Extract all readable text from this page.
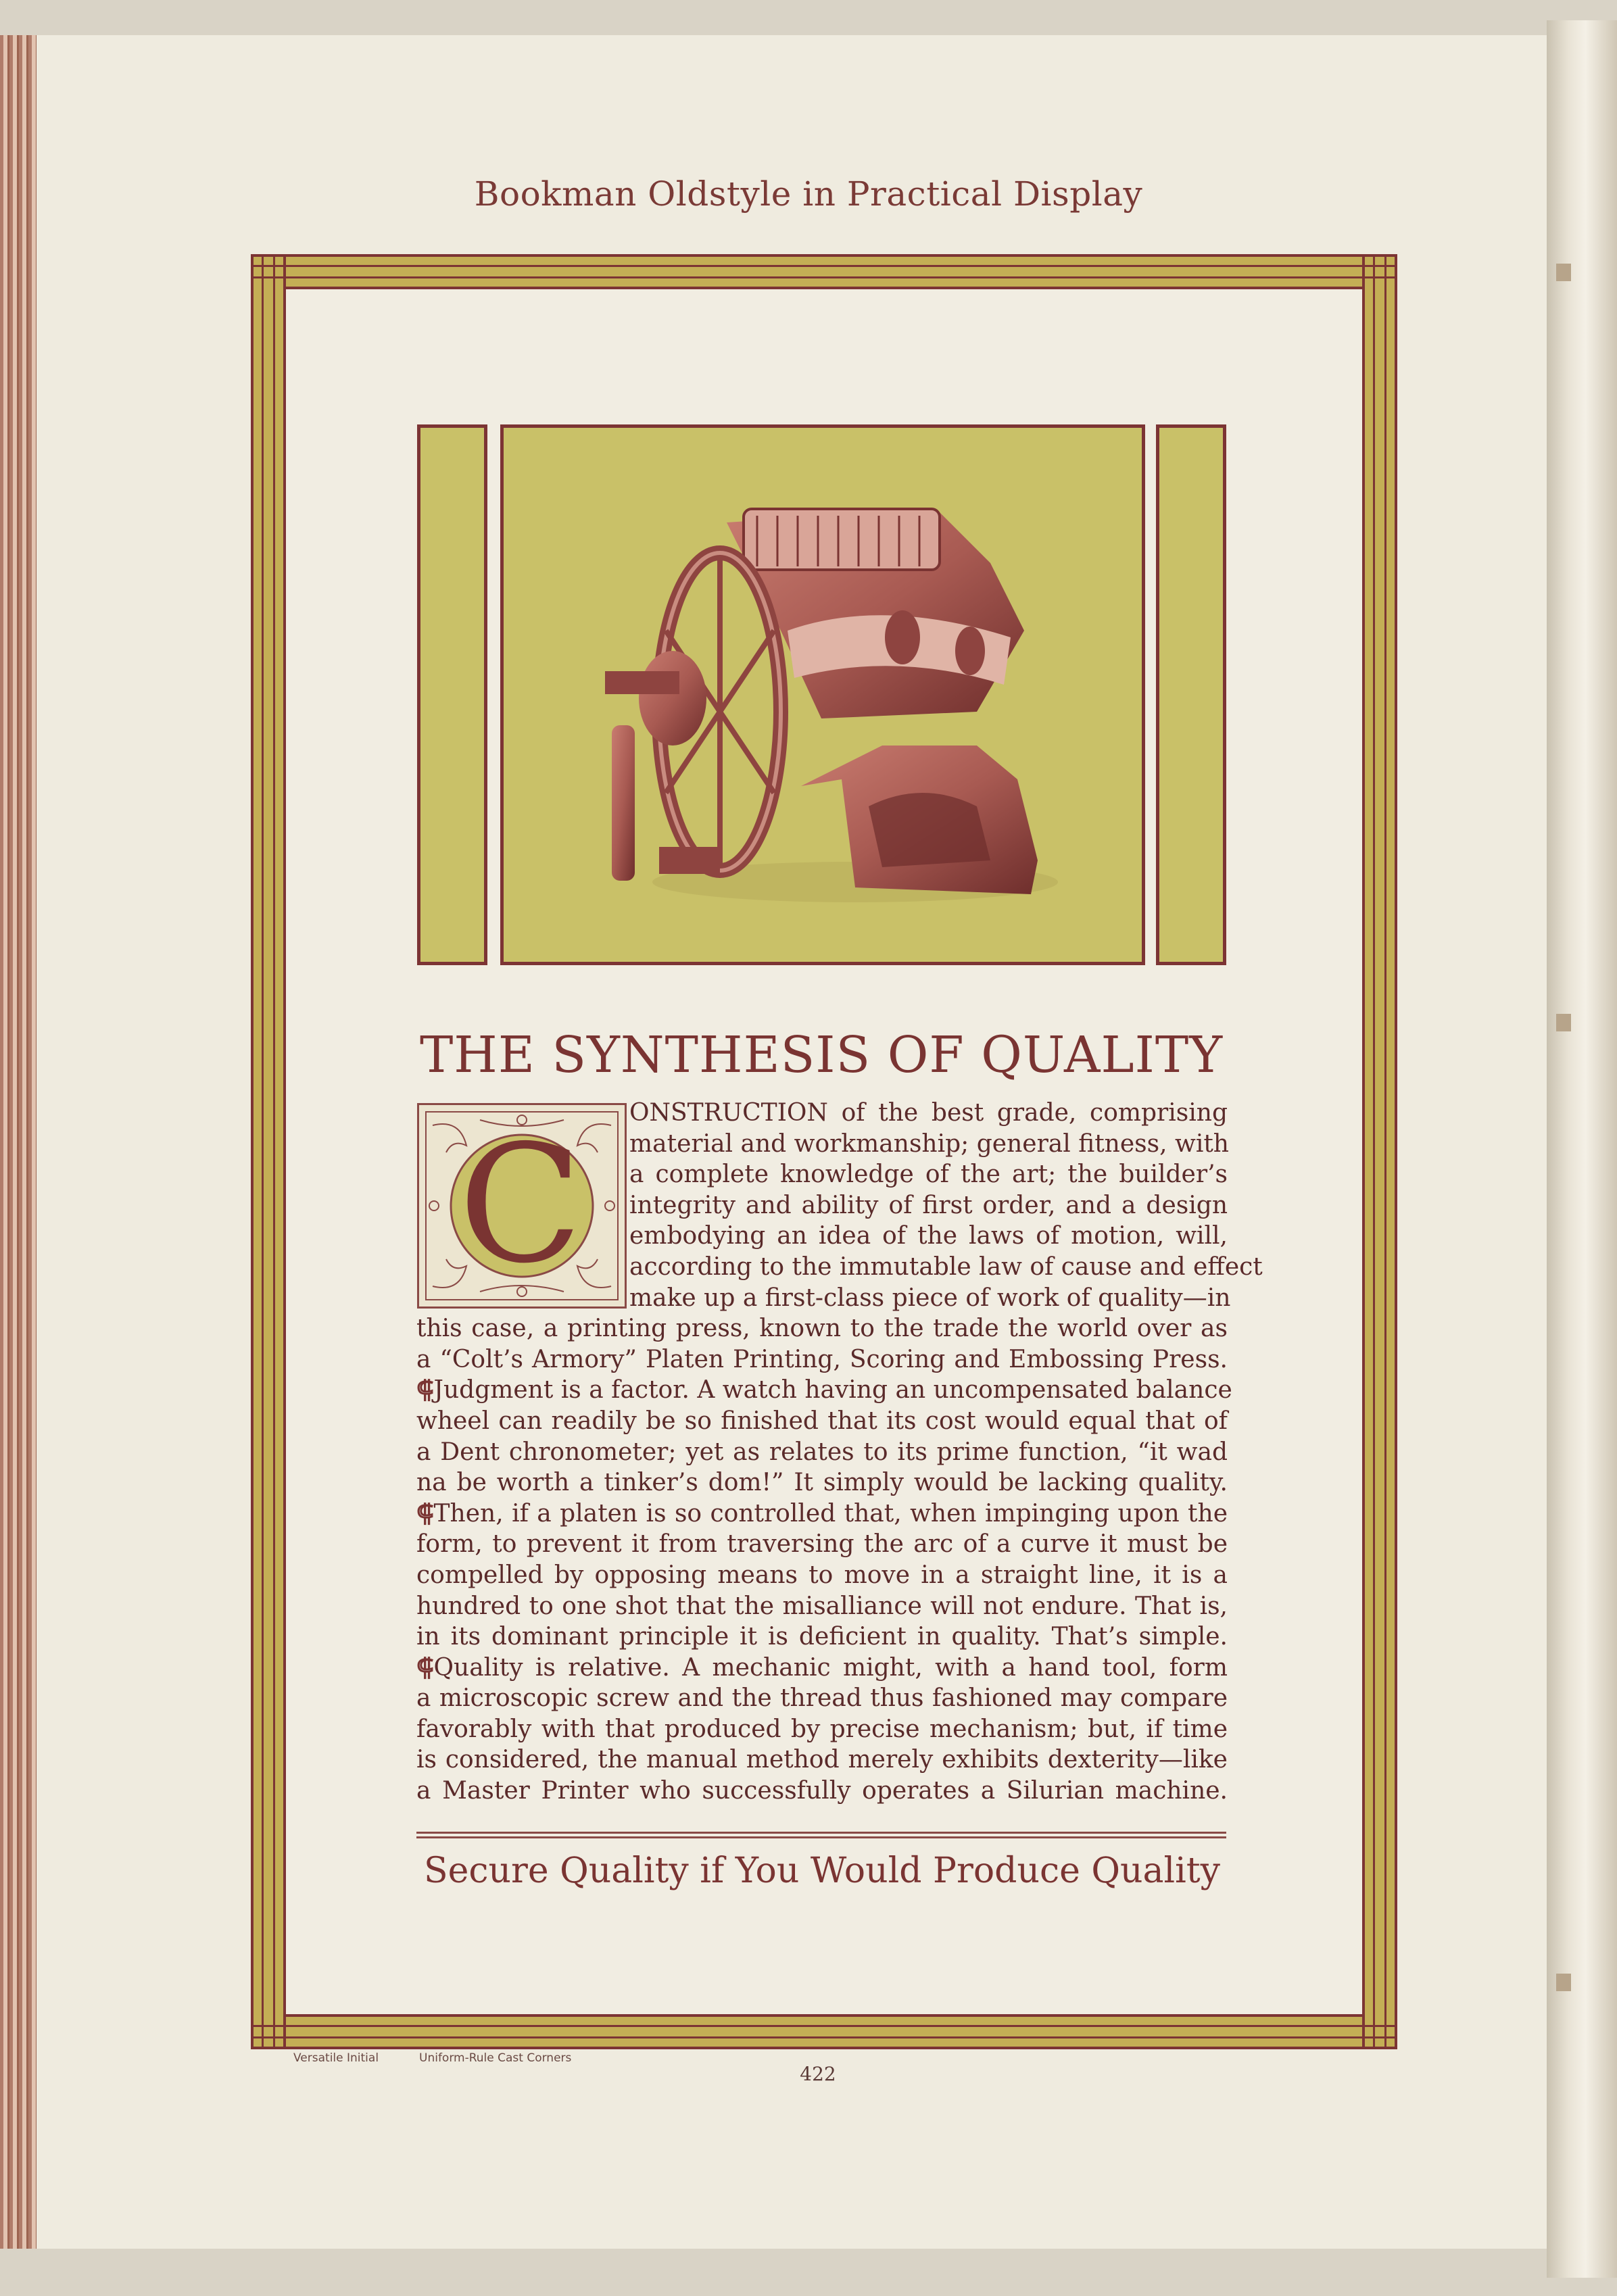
Bookman Oldstyle in Practical Display
THE SYNTHESIS OF QUALITY
C	ONSTRUCTION of the best grade, comprising
material and workmanship; general fitness, with
a complete knowledge of the art; the builder’s
integrity and ability of first order, and a design
embodying an idea of the laws of motion, will,
according to the immutable law of cause and effect
make up a first-class piece of work of quality—in
this case, a printing press, known to the trade the world over as
a “Colt’s Armory” Platen Printing, Scoring and Embossing Press.
⸿Judgment is a factor. A watch having an uncompensated balance
wheel can readily be so finished that its cost would equal that of
a Dent chronometer; yet as relates to its prime function, “it wad
na be worth a tinker’s dom!” It simply would be lacking quality.
⸿Then, if a platen is so controlled that, when impinging upon the
form, to prevent it from traversing the arc of a curve it must be
compelled by opposing means to move in a straight line, it is a
hundred to one shot that the misalliance will not endure. That is,
in its dominant principle it is deficient in quality. That’s simple.
⸿Quality is relative. A mechanic might, with a hand tool, form
a microscopic screw and the thread thus fashioned may compare
favorably with that produced by precise mechanism; but, if time
is considered, the manual method merely exhibits dexterity—like
a Master Printer who successfully operates a Silurian machine.
Secure Quality if You Would Produce Quality
Versatile Initial	Uniform-Rule Cast Corners
422
